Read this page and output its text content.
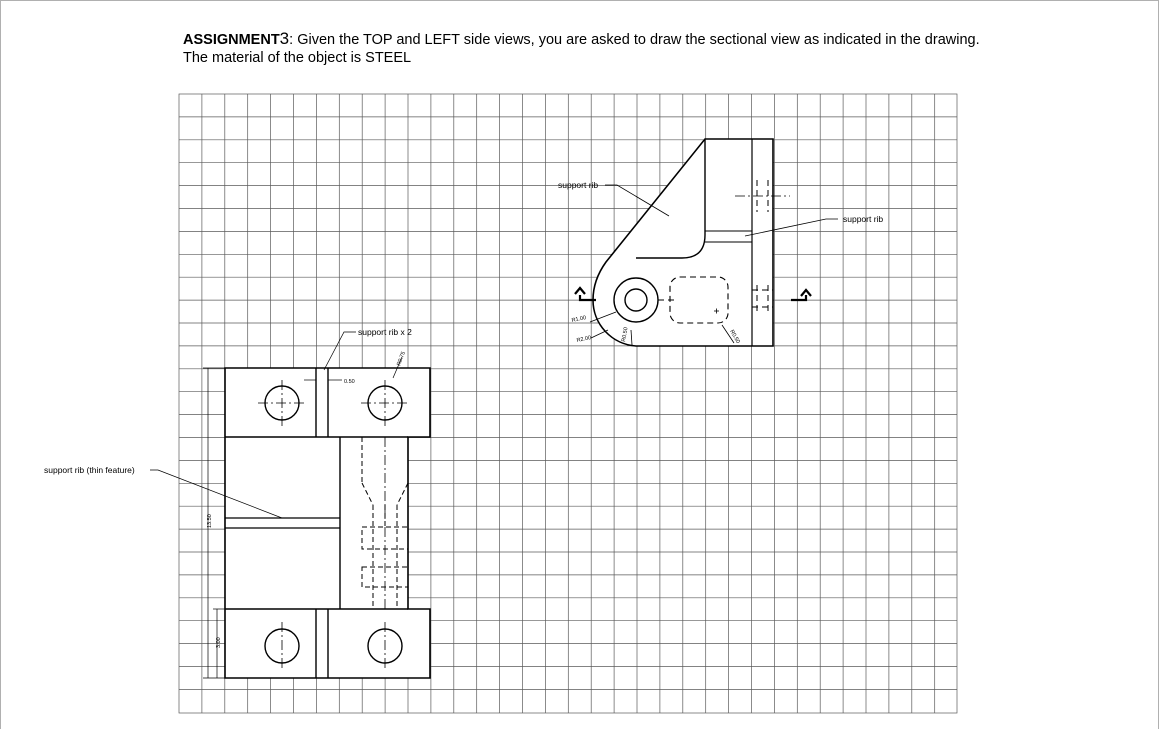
ASSIGNMENT3: Given the TOP and LEFT side views, you are asked to draw the sectional view as indicated in the drawing. The material of the object is STEEL
support rib
support rib
R1.00
R2.00	R0.50	R0.50
support rib x 2
support rib (thin feature)
0.50
R0.75
13.50
3.00
